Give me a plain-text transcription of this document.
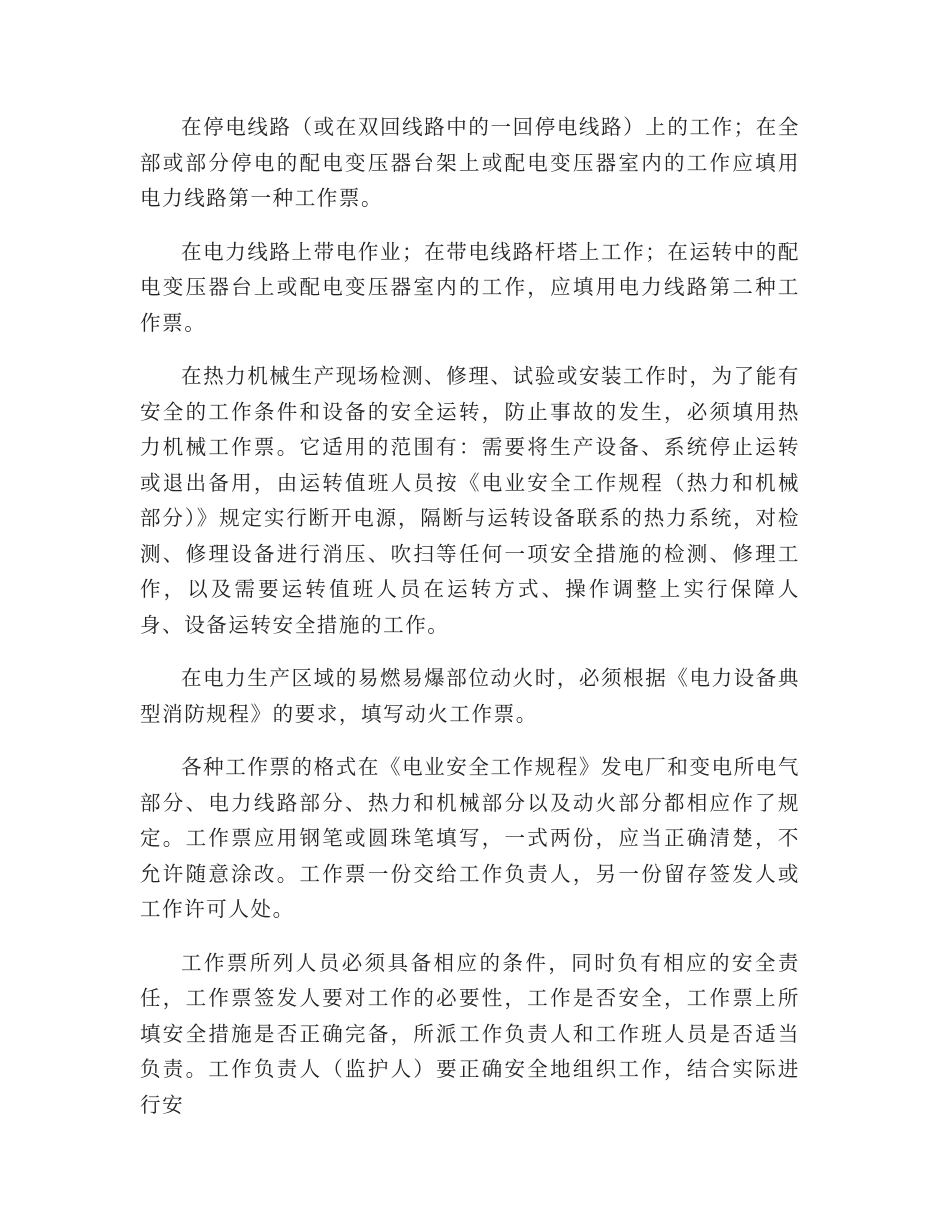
在停电线路（或在双回线路中的一回停电线路）上的工作；在全部或部分停电的配电变压器台架上或配电变压器室内的工作应填用电力线路第一种工作票。

在电力线路上带电作业；在带电线路杆塔上工作；在运转中的配电变压器台上或配电变压器室内的工作，应填用电力线路第二种工作票。

在热力机械生产现场检测、修理、试验或安装工作时，为了能有安全的工作条件和设备的安全运转，防止事故的发生，必须填用热力机械工作票。它适用的范围有：需要将生产设备、系统停止运转或退出备用，由运转值班人员按《电业安全工作规程（热力和机械部分）》规定实行断开电源，隔断与运转设备联系的热力系统，对检测、修理设备进行消压、吹扫等任何一项安全措施的检测、修理工作，以及需要运转值班人员在运转方式、操作调整上实行保障人身、设备运转安全措施的工作。

在电力生产区域的易燃易爆部位动火时，必须根据《电力设备典型消防规程》的要求，填写动火工作票。

各种工作票的格式在《电业安全工作规程》发电厂和变电所电气部分、电力线路部分、热力和机械部分以及动火部分都相应作了规定。工作票应用钢笔或圆珠笔填写，一式两份，应当正确清楚，不允许随意涂改。工作票一份交给工作负责人，另一份留存签发人或工作许可人处。

工作票所列人员必须具备相应的条件，同时负有相应的安全责任，工作票签发人要对工作的必要性，工作是否安全，工作票上所填安全措施是否正确完备，所派工作负责人和工作班人员是否适当负责。工作负责人（监护人）要正确安全地组织工作，结合实际进行安
